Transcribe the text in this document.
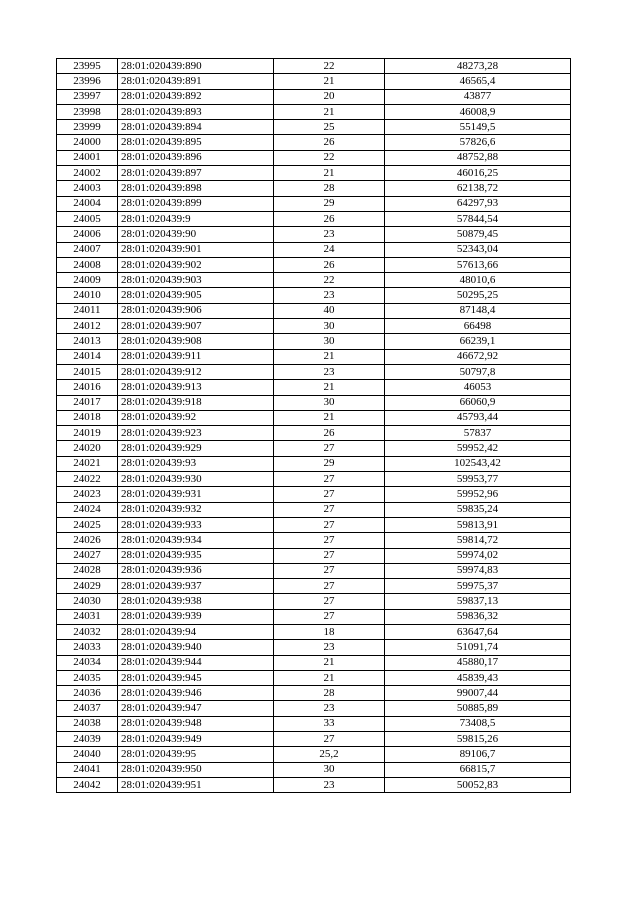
23995	28:01:020439:890	22	48273,28
23996	28:01:020439:891	21	46565,4
23997	28:01:020439:892	20	43877
23998	28:01:020439:893	21	46008,9
23999	28:01:020439:894	25	55149,5
24000	28:01:020439:895	26	57826,6
24001	28:01:020439:896	22	48752,88
24002	28:01:020439:897	21	46016,25
24003	28:01:020439:898	28	62138,72
24004	28:01:020439:899	29	64297,93
24005	28:01:020439:9	26	57844,54
24006	28:01:020439:90	23	50879,45
24007	28:01:020439:901	24	52343,04
24008	28:01:020439:902	26	57613,66
24009	28:01:020439:903	22	48010,6
24010	28:01:020439:905	23	50295,25
24011	28:01:020439:906	40	87148,4
24012	28:01:020439:907	30	66498
24013	28:01:020439:908	30	66239,1
24014	28:01:020439:911	21	46672,92
24015	28:01:020439:912	23	50797,8
24016	28:01:020439:913	21	46053
24017	28:01:020439:918	30	66060,9
24018	28:01:020439:92	21	45793,44
24019	28:01:020439:923	26	57837
24020	28:01:020439:929	27	59952,42
24021	28:01:020439:93	29	102543,42
24022	28:01:020439:930	27	59953,77
24023	28:01:020439:931	27	59952,96
24024	28:01:020439:932	27	59835,24
24025	28:01:020439:933	27	59813,91
24026	28:01:020439:934	27	59814,72
24027	28:01:020439:935	27	59974,02
24028	28:01:020439:936	27	59974,83
24029	28:01:020439:937	27	59975,37
24030	28:01:020439:938	27	59837,13
24031	28:01:020439:939	27	59836,32
24032	28:01:020439:94	18	63647,64
24033	28:01:020439:940	23	51091,74
24034	28:01:020439:944	21	45880,17
24035	28:01:020439:945	21	45839,43
24036	28:01:020439:946	28	99007,44
24037	28:01:020439:947	23	50885,89
24038	28:01:020439:948	33	73408,5
24039	28:01:020439:949	27	59815,26
24040	28:01:020439:95	25,2	89106,7
24041	28:01:020439:950	30	66815,7
24042	28:01:020439:951	23	50052,83
